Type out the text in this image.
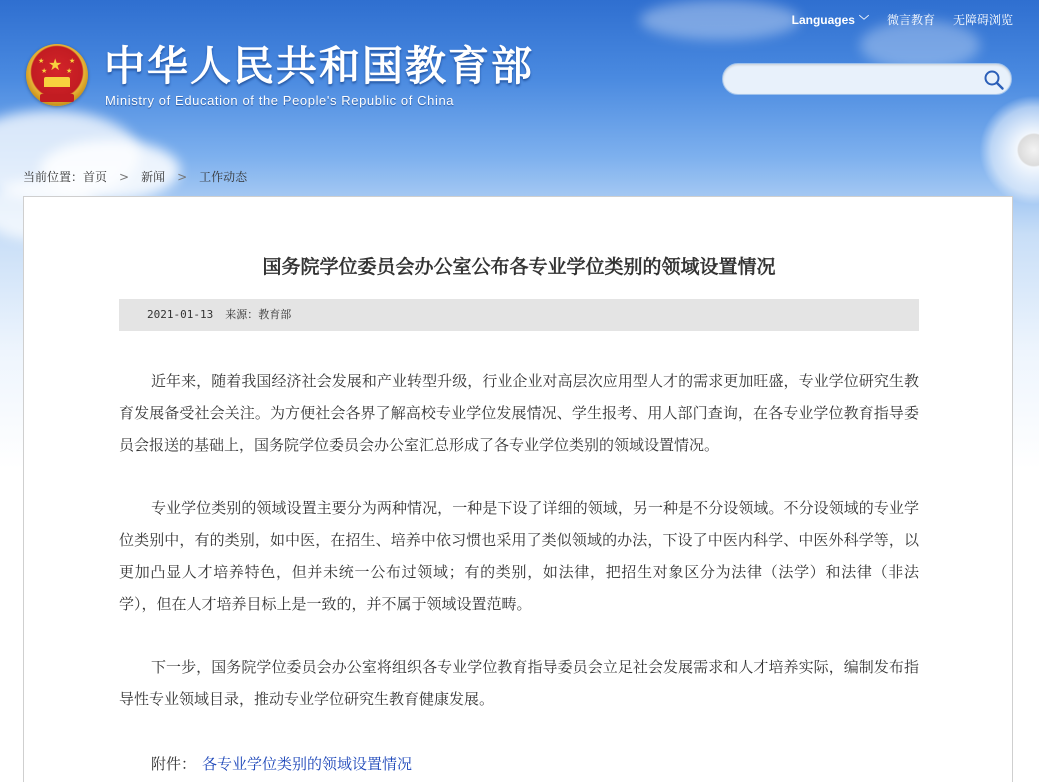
★
★
★
★
★ 中华人民共和国教育部
Ministry of Education of the People's Republic of China
Languages ﹀ 微言教育 无障碍浏览
当前位置： 首页 > 新闻 > 工作动态
国务院学位委员会办公室公布各专业学位类别的领域设置情况
2021-01-13 来源：教育部

近年来，随着我国经济社会发展和产业转型升级，行业企业对高层次应用型人才的需求更加旺盛，专业学位研究生教育发展备受社会关注。为方便社会各界了解高校专业学位发展情况、学生报考、用人部门查询，在各专业学位教育指导委员会报送的基础上，国务院学位委员会办公室汇总形成了各专业学位类别的领域设置情况。

专业学位类别的领域设置主要分为两种情况，一种是下设了详细的领域，另一种是不分设领域。不分设领域的专业学位类别中，有的类别，如中医，在招生、培养中依习惯也采用了类似领域的办法，下设了中医内科学、中医外科学等，以更加凸显人才培养特色，但并未统一公布过领域；有的类别，如法律，把招生对象区分为法律（法学）和法律（非法学），但在人才培养目标上是一致的，并不属于领域设置范畴。

下一步，国务院学位委员会办公室将组织各专业学位教育指导委员会立足社会发展需求和人才培养实际，编制发布指导性专业领域目录，推动专业学位研究生教育健康发展。

附件： 各专业学位类别的领域设置情况
